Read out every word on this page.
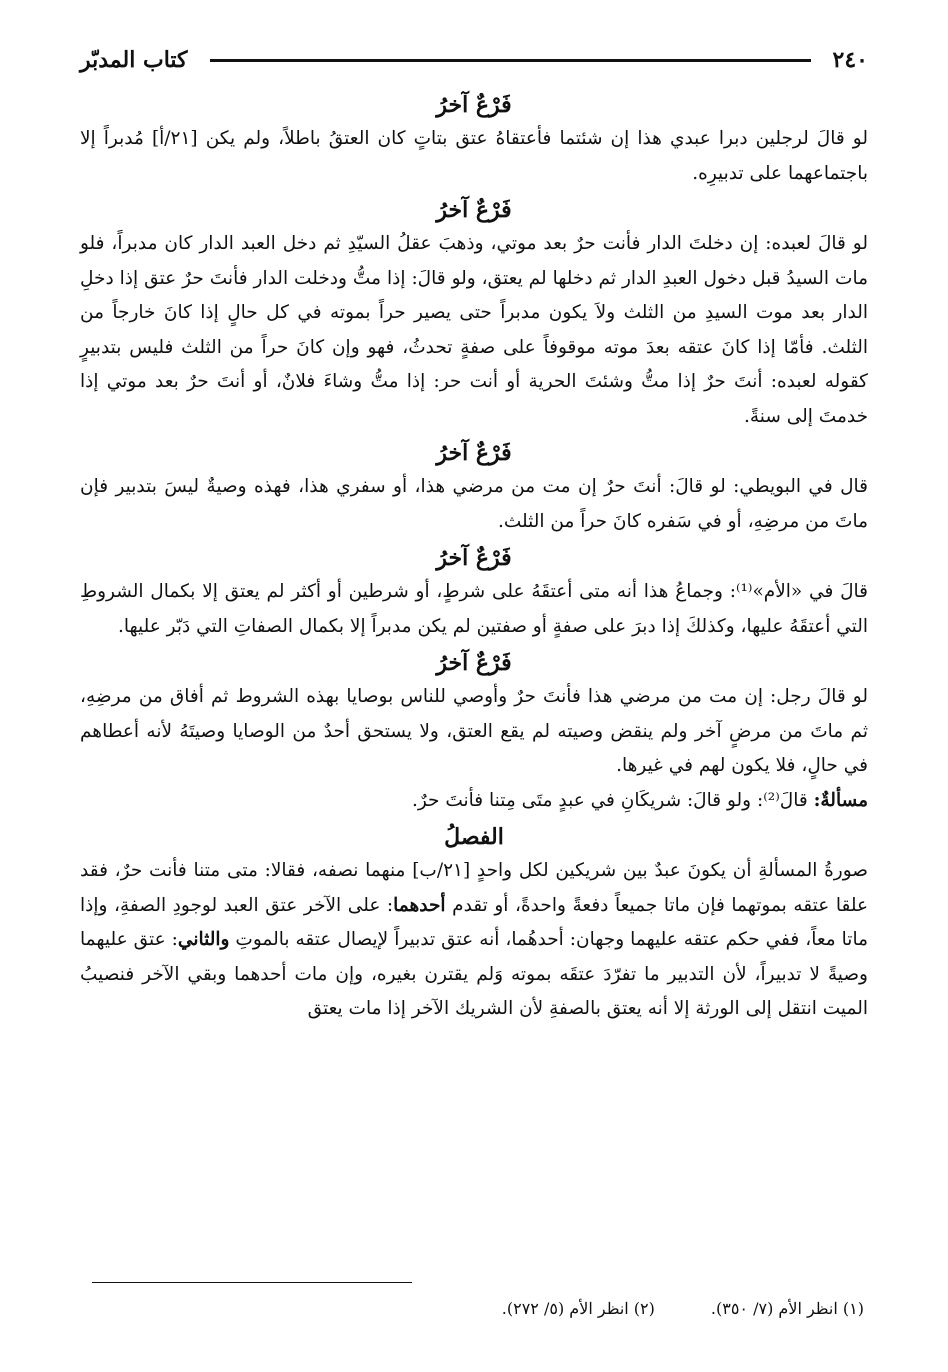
٢٤٠
كتاب المدبّر
فَرْعٌ آخرُ

لو قالَ لرجلين دبرا عبدي هذا إن شئتما فأعتقاهُ عتق بتاتٍ كان العتقُ باطلاً، ولم يكن [٢١/أ] مُدبراً إلا باجتماعهما على تدبيرِه.

فَرْعٌ آخرُ

لو قالَ لعبده: إن دخلتَ الدار فأنت حرٌ بعد موتي، وذهبَ عقلُ السيّدِ ثم دخل العبد الدار كان مدبراً، فلو مات السيدُ قبل دخول العبدِ الدار ثم دخلها لم يعتق، ولو قالَ: إذا متُّ ودخلت الدار فأنتَ حرٌ عتق إذا دخلِ الدار بعد موت السيدِ من الثلث ولاَ يكون مدبراً حتى يصير حراً بموته في كل حالٍ إذا كانَ خارجاً من الثلث. فأمّا إذا كانَ عتقه بعدَ موته موقوفاً على صفةٍ تحدثُ، فهو وإن كانَ حراً من الثلث فليس بتدبيرٍ كقوله لعبده: أنتَ حرٌ إذا متُّ وشئتَ الحرية أو أنت حر: إذا متُّ وشاءَ فلانٌ، أو أنتَ حرٌ بعد موتي إذا خدمتَ إلى سنةً.

فَرْعٌ آخرُ

قال في البويطي: لو قالَ: أنتَ حرٌ إن مت من مرضي هذا، أو سفري هذا، فهذه وصيةٌ ليسَ بتدبير فإن ماتَ من مرضِهِ، أو في سَفره كانَ حراً من الثلث.

فَرْعٌ آخرُ

قالَ في «الأم»⁽¹⁾: وجماعُ هذا أنه متى أعتقَهُ على شرطٍ، أو شرطين أو أكثر لم يعتق إلا بكمال الشروطِ التي أعتقَهُ عليها، وكذلكَ إذا دبرَ على صفةٍ أو صفتين لم يكن مدبراً إلا بكمال الصفاتِ التي دَبّر عليها.

فَرْعٌ آخرُ

لو قالَ رجل: إن مت من مرضي هذا فأنتَ حرٌ وأوصي للناس بوصايا بهذه الشروط ثم أفاق من مرضِهِ، ثم ماتَ من مرضٍ آخر ولم ينقض وصيته لم يقع العتق، ولا يستحق أحدٌ من الوصايا وصيتَهُ لأنه أعطاهم في حالٍ، فلا يكون لهم في غيرها.

مسألةٌ: قالَ⁽²⁾: ولو قالَ: شريكَانِ في عبدٍ متَى مِتنا فأنتَ حرٌ.

الفصلُ

صورةُ المسألةِ أن يكونَ عبدٌ بين شريكين لكل واحدٍ [٢١/ب] منهما نصفه، فقالا: متى متنا فأنت حرٌ، فقد علقا عتقه بموتهما فإن ماتا جميعاً دفعةً واحدةً، أو تقدم أحدهما: على الآخر عتق العبد لوجودِ الصفةِ، وإذا ماتا معاً، ففي حكم عتقه عليهما وجهان: أحدهُما، أنه عتق تدبيراً لإيصال عتقه بالموتِ والثاني: عتق عليهما وصيةً لا تدبيراً، لأن التدبير ما تفرّدَ عتقَه بموته وَلم يقترن بغيره، وإن مات أحدهما وبقي الآخر فنصيبُ الميت انتقل إلى الورثة إلا أنه يعتق بالصفةِ لأن الشريك الآخر إذا مات يعتق

(١) انظر الأم (٧/ ٣٥٠).
(٢) انظر الأم (٥/ ٢٧٢).
